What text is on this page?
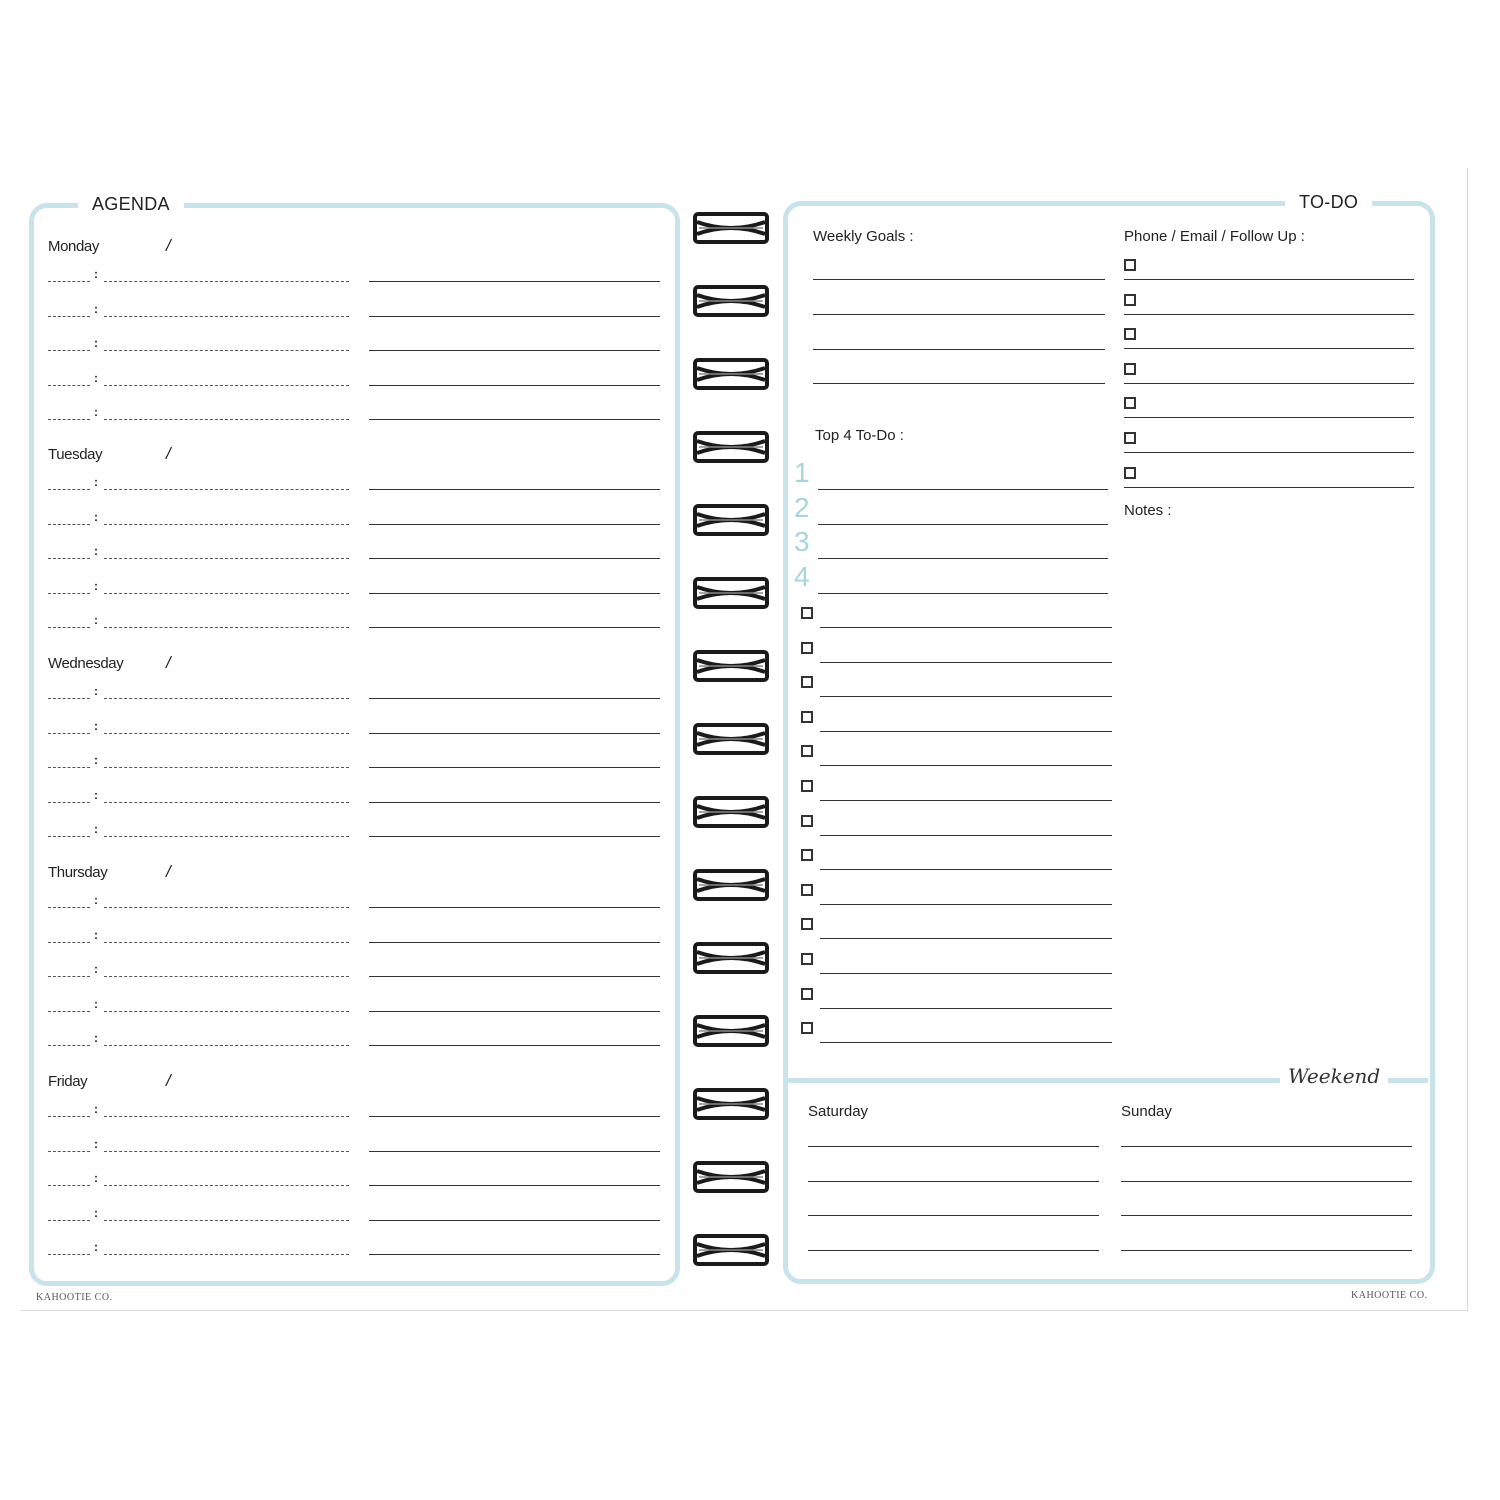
AGENDA
Monday	/
:
:
:
:
:
Tuesday	/
:
:
:
:
:
Wednesday	/
:
:
:
:
:
Thursday	/
:
:
:
:
:
Friday	/
:
:
:
:
:
TO-DO
Weekly Goals :	Phone / Email / Follow Up :
Top 4 To-Do :
Notes :
1
2
3
4
Weekend
Saturday	Sunday
KAHOOTIE CO.	KAHOOTIE CO.
